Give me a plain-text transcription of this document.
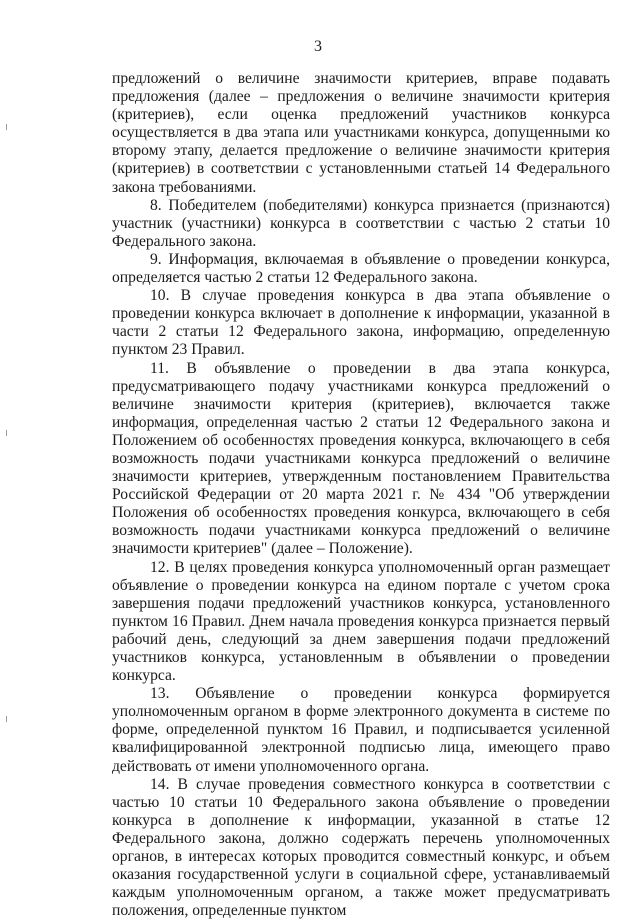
3

предложений о величине значимости критериев, вправе подавать предложения (далее – предложения о величине значимости критерия (критериев), если оценка предложений участников конкурса осуществляется в два этапа или участниками конкурса, допущенными ко второму этапу, делается предложение о величине значимости критерия (критериев) в соответствии с установленными статьей 14 Федерального закона требованиями.

8. Победителем (победителями) конкурса признается (признаются) участник (участники) конкурса в соответствии с частью 2 статьи 10 Федерального закона.

9. Информация, включаемая в объявление о проведении конкурса, определяется частью 2 статьи 12 Федерального закона.

10. В случае проведения конкурса в два этапа объявление о проведении конкурса включает в дополнение к информации, указанной в части 2 статьи 12 Федерального закона, информацию, определенную пунктом 23 Правил.

11. В объявление о проведении в два этапа конкурса, предусматривающего подачу участниками конкурса предложений о величине значимости критерия (критериев), включается также информация, определенная частью 2 статьи 12 Федерального закона и Положением об особенностях проведения конкурса, включающего в себя возможность подачи участниками конкурса предложений о величине значимости критериев, утвержденным постановлением Правительства Российской Федерации от 20 марта 2021 г. № 434 "Об утверждении Положения об особенностях проведения конкурса, включающего в себя возможность подачи участниками конкурса предложений о величине значимости критериев" (далее – Положение).

12. В целях проведения конкурса уполномоченный орган размещает объявление о проведении конкурса на едином портале с учетом срока завершения подачи предложений участников конкурса, установленного пунктом 16 Правил. Днем начала проведения конкурса признается первый рабочий день, следующий за днем завершения подачи предложений участников конкурса, установленным в объявлении о проведении конкурса.

13. Объявление о проведении конкурса формируется уполномоченным органом в форме электронного документа в системе по форме, определенной пунктом 16 Правил, и подписывается усиленной квалифицированной электронной подписью лица, имеющего право действовать от имени уполномоченного органа.

14. В случае проведения совместного конкурса в соответствии с частью 10 статьи 10 Федерального закона объявление о проведении конкурса в дополнение к информации, указанной в статье 12 Федерального закона, должно содержать перечень уполномоченных органов, в интересах которых проводится совместный конкурс, и объем оказания государственной услуги в социальной сфере, устанавливаемый каждым уполномоченным органом, а также может предусматривать положения, определенные пунктом
